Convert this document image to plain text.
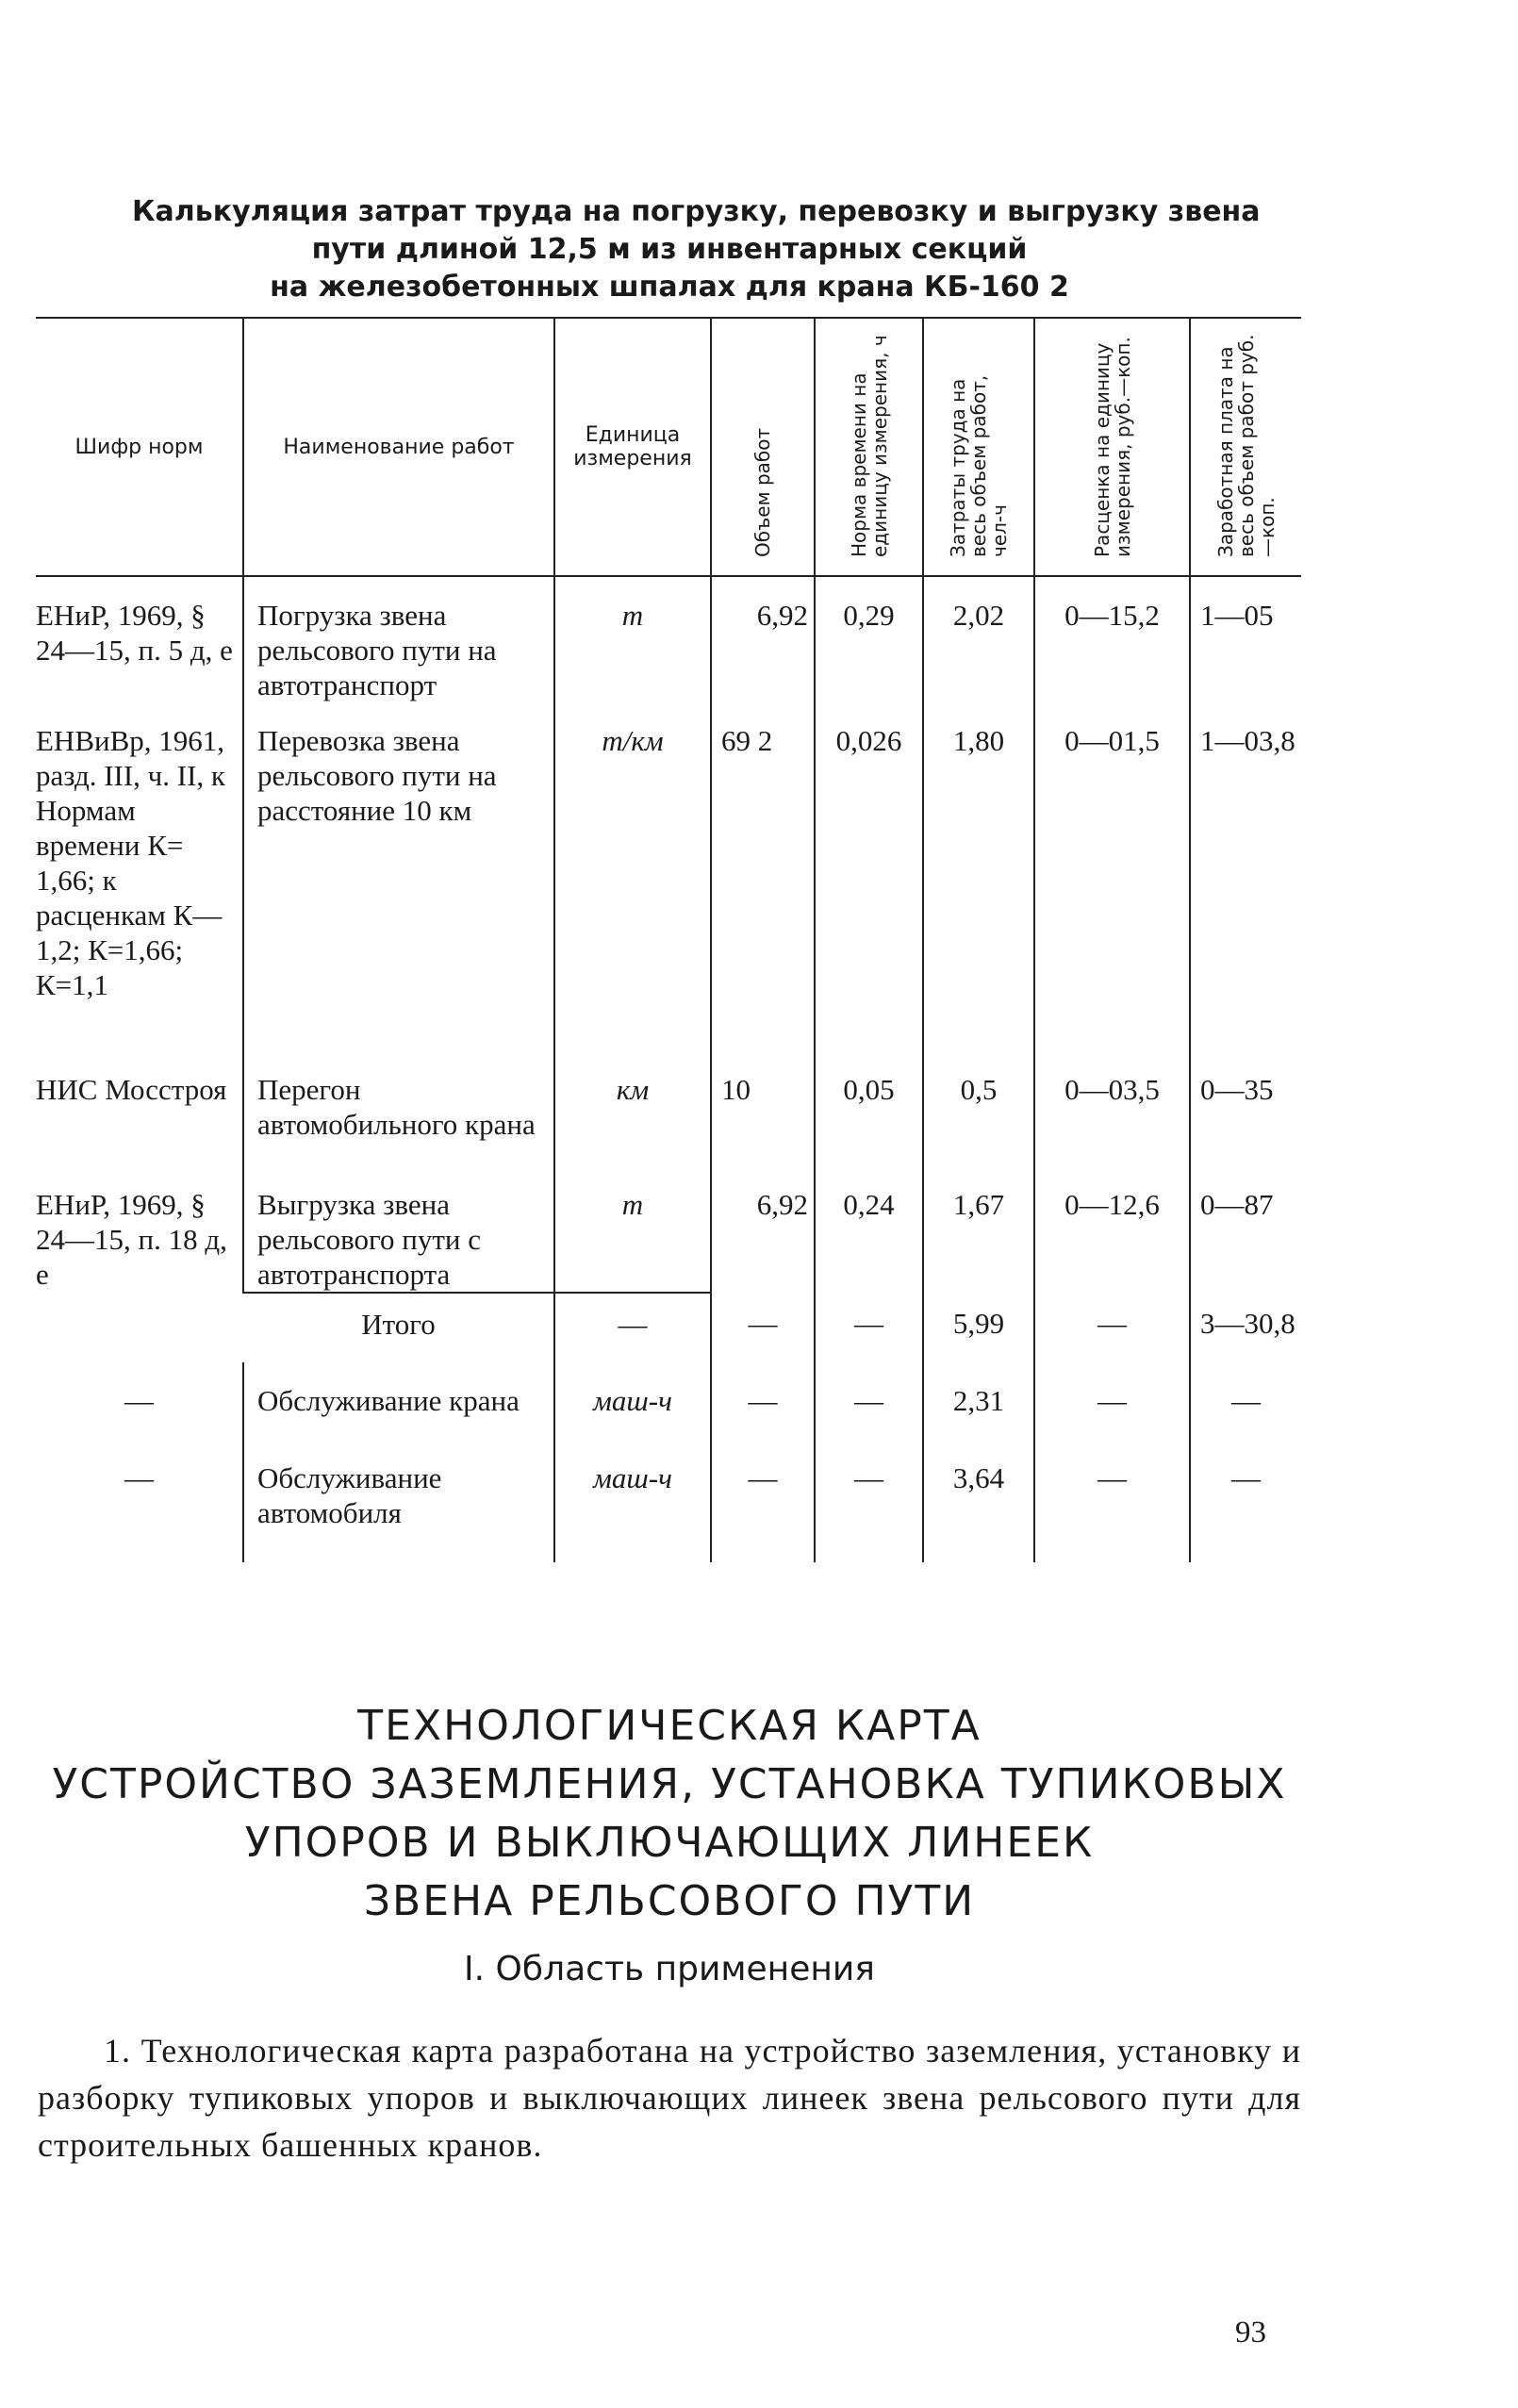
Калькуляция затрат труда на погрузку, перевозку и выгрузку звена
пути длиной 12,5 м из инвентарных секций
на железобетонных шпалах для крана КБ-160 2
Шифр норм	Наименование работ	Единица измерения	Объем работ	Норма времени на единицу измерения, ч	Затраты труда на весь объем работ, чел-ч	Расценка на единицу измерения, руб.—коп.	Заработная плата на весь объем работ руб.—коп.
ЕНиР, 1969, § 24—15, п. 5 д, е	Погрузка звена рельсового пути на автотранспорт	т	6,92	0,29	2,02	0—15,2	1—05
ЕНВиВр, 1961, разд. III, ч. II, к Нормам времени К= 1,66; к расценкам К—1,2; К=1,66; К=1,1	Перевозка звена рельсового пути на расстояние 10 км	т/км	69 2	0,026	1,80	0—01,5	1—03,8
НИС Мосстроя	Перегон автомобильного крана	км	10	0,05	0,5	0—03,5	0—35
ЕНиР, 1969, § 24—15, п. 18 д, е	Выгрузка звена рельсового пути с автотранспорта	т	6,92	0,24	1,67	0—12,6	0—87
	Итого	—	—	—	5,99	—	3—30,8
—	Обслуживание крана	маш-ч	—	—	2,31	—	—
—	Обслуживание автомобиля	маш-ч	—	—	3,64	—	—
ТЕХНОЛОГИЧЕСКАЯ КАРТА
УСТРОЙСТВО ЗАЗЕМЛЕНИЯ, УСТАНОВКА ТУПИКОВЫХ
УПОРОВ И ВЫКЛЮЧАЮЩИХ ЛИНЕЕК
ЗВЕНА РЕЛЬСОВОГО ПУТИ
I. Область применения

1. Технологическая карта разработана на устройство заземления, установку и разборку тупиковых упоров и выключающих линеек звена рельсового пути для строительных башенных кранов.

93
